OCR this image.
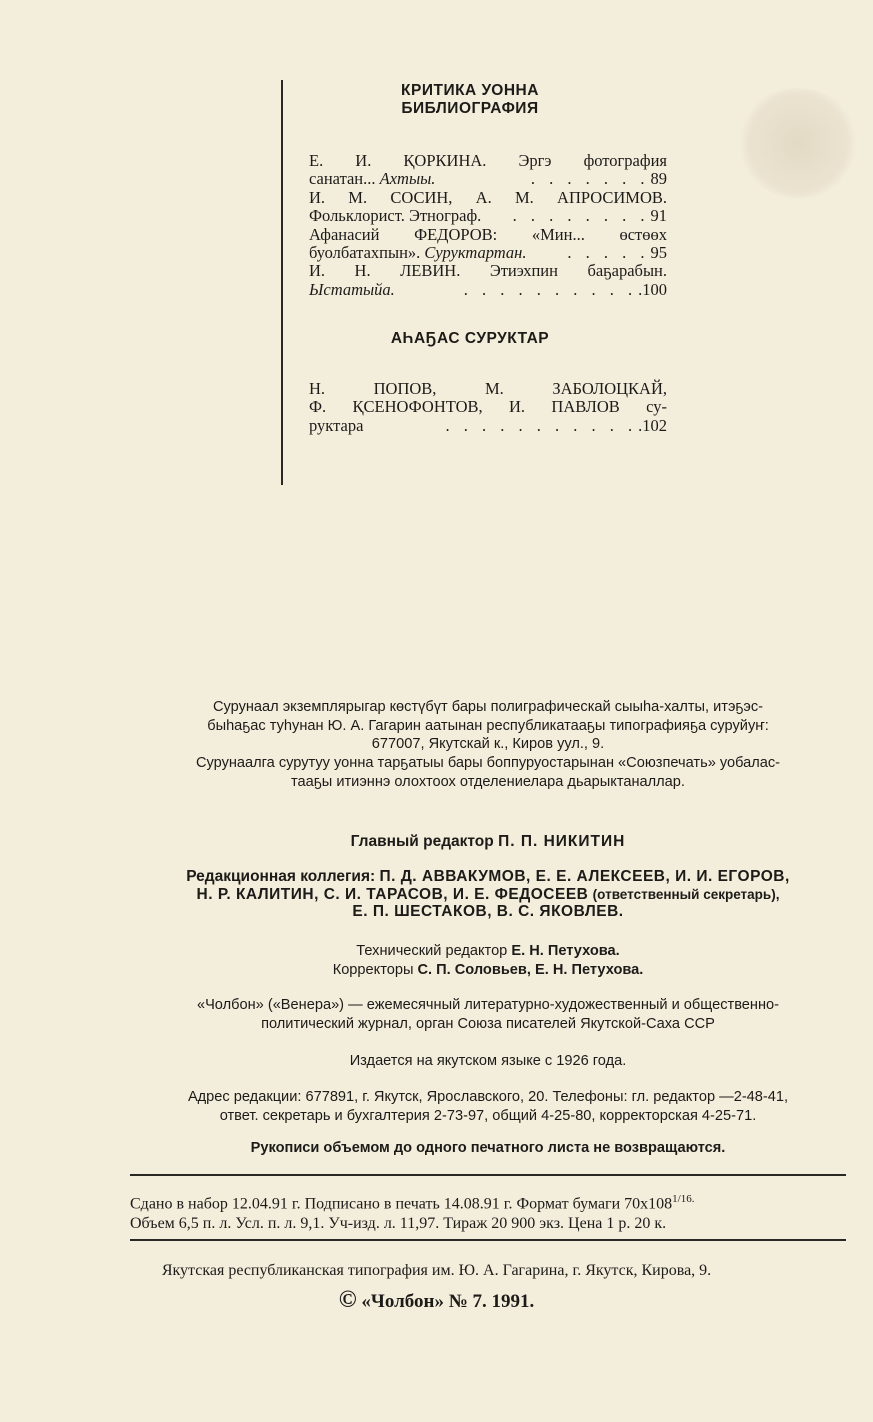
КРИТИКА УОННА
БИБЛИОГРАФИЯ
Е. И. ҚОРКИНА. Эргэ фотография
санатан...
Ахтыы.	. . . . . . . 89
И. М. СОСИН, А. М. АПРОСИМОВ.
Фольклорист. Этнограф.	. . . . . . . . 91
Афанасий ФЕДОРОВ: «Мин... өстөөх
буолбатахпын».
Суруктартан.	. . . . . 95
И. Н. ЛЕВИН. Этиэхпин баҕарабын.
Ыстатыйа.	. . . . . . . . . . .100
АҺАҔАС СУРУКТАР
Н. ПОПОВ, М. ЗАБОЛОЦКАЙ,
Ф. ҚСЕНОФОНТОВ, И. ПАВЛОВ су-
руктара	. . . . . . . . . . . .102
Сурунаал экземплярыгар көстүбүт бары полиграфическай сыыһа-халты, итэҕэс-
быһаҕас туһунан Ю. А. Гагарин аатынан республикатааҕы типографияҕа суруйуҥ:
677007, Якутскай к., Киров уул., 9.
Сурунаалга сурутуу уонна тарҕатыы бары боппуруостарынан «Союзпечать» уобалас-
тааҕы итиэннэ олохтоох отделениелара дьарыктаналлар.
Главный редактор П. П. НИКИТИН
Редакционная коллегия: П. Д. АВВАКУМОВ, Е. Е. АЛЕКСЕЕВ, И. И. ЕГОРОВ,
Н. Р. КАЛИТИН, С. И. ТАРАСОВ, И. Е. ФЕДОСЕЕВ (ответственный секретарь),
Е. П. ШЕСТАКОВ, В. С. ЯКОВЛЕВ.
Технический редактор Е. Н. Петухова.
Корректоры С. П. Соловьев, Е. Н. Петухова.
«Чолбон» («Венера») — ежемесячный литературно-художественный и общественно-
политический журнал, орган Союза писателей Якутской-Саха ССР
Издается на якутском языке с 1926 года.
Адрес редакции: 677891, г. Якутск, Ярославского, 20. Телефоны: гл. редактор —2-48-41,
ответ. секретарь и бухгалтерия 2-73-97, общий 4-25-80, корректорская 4-25-71.
Рукописи объемом до одного печатного листа не возвращаются.
Сдано в набор 12.04.91 г. Подписано в печать 14.08.91 г. Формат бумаги $70x108^{1/16.}$
Объем 6,5 п. л. Усл. п. л. 9,1. Уч-изд. л. 11,97. Тираж 20 900 экз. Цена 1 р. 20 к.
Якутская республиканская типография им. Ю. А. Гагарина, г. Якутск, Кирова, 9.
© «Чолбон» № 7. 1991.
